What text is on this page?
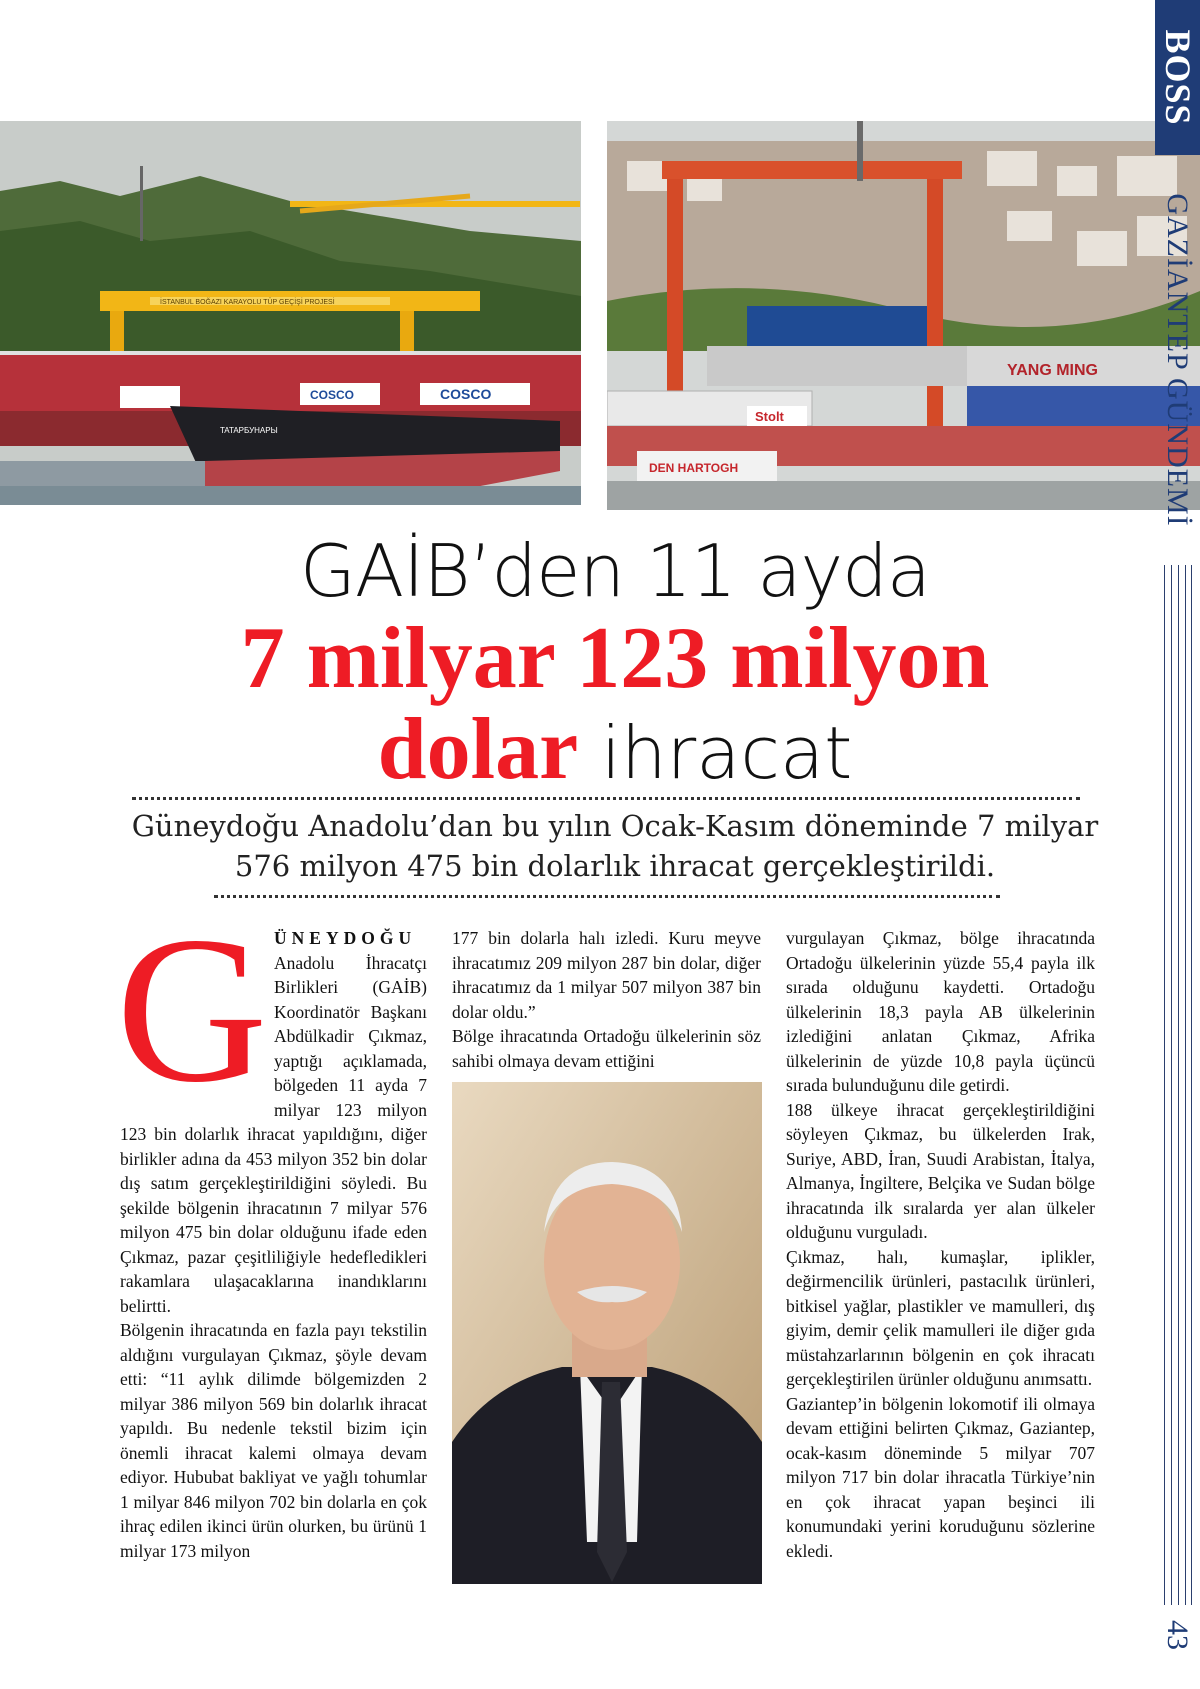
İSTANBUL BOĞAZI KARAYOLU TÜP GEÇİŞİ PROJESİ
COSCO
COSCO
TATAPБУНАРЫ
YANG MING
Stolt
DEN HARTOGH
BOSS
GAZİANTEP GÜNDEMİ
43
GAİB’den 11 ayda
7 milyar 123 milyon
dolar ihracat
Güneydoğu Anadolu’dan bu yılın Ocak-Kasım döneminde 7 milyar 576 milyon 475 bin dolarlık ihracat gerçekleştirildi.
G ÜNEYDOĞU Anadolu İhracatçı Birlikleri (GAİB) Koordinatör Başkanı Abdülkadir Çıkmaz, yaptığı açıklamada, bölgeden 11 ayda 7 milyar 123 milyon 123 bin dolarlık ihracat yapıldığını, diğer birlikler adına da 453 milyon 352 bin dolar dış satım gerçekleştirildiğini söyledi. Bu şekilde bölgenin ihracatının 7 milyar 576 milyon 475 bin dolar olduğunu ifade eden Çıkmaz, pazar çeşitliliğiyle hedefledikleri rakamlara ulaşacaklarına inandıklarını belirtti.

Bölgenin ihracatında en fazla payı tekstilin aldığını vurgulayan Çıkmaz, şöyle devam etti: “11 aylık dilimde bölgemizden 2 milyar 386 milyon 569 bin dolarlık ihracat yapıldı. Bu nedenle tekstil bizim için önemli ihracat kalemi olmaya devam ediyor. Hububat bakliyat ve yağlı tohumlar 1 milyar 846 milyon 702 bin dolarla en çok ihraç edilen ikinci ürün olurken, bu ürünü 1 milyar 173 milyon

177 bin dolarla halı izledi. Kuru meyve ihracatımız 209 milyon 287 bin dolar, diğer ihracatımız da 1 milyar 507 milyon 387 bin dolar oldu.”

Bölge ihracatında Ortadoğu ülkelerinin söz sahibi olmaya devam ettiğini

vurgulayan Çıkmaz, bölge ihracatında Ortadoğu ülkelerinin yüzde 55,4 payla ilk sırada olduğunu kaydetti. Ortadoğu ülkelerinin 18,3 payla AB ülkelerinin izlediğini anlatan Çıkmaz, Afrika ülkelerinin de yüzde 10,8 payla üçüncü sırada bulunduğunu dile getirdi.

188 ülkeye ihracat gerçekleştirildiğini söyleyen Çıkmaz, bu ülkelerden Irak, Suriye, ABD, İran, Suudi Arabistan, İtalya, Almanya, İngiltere, Belçika ve Sudan bölge ihracatında ilk sıralarda yer alan ülkeler olduğunu vurguladı.

Çıkmaz, halı, kumaşlar, iplikler, değirmencilik ürünleri, pastacılık ürünleri, bitkisel yağlar, plastikler ve mamulleri, dış giyim, demir çelik mamulleri ile diğer gıda müstahzarlarının bölgenin en çok ihracatı gerçekleştirilen ürünler olduğunu anımsattı.

Gaziantep’in bölgenin lokomotif ili olmaya devam ettiğini belirten Çıkmaz, Gaziantep, ocak-kasım döneminde 5 milyar 707 milyon 717 bin dolar ihracatla Türkiye’nin en çok ihracat yapan beşinci ili konumundaki yerini koruduğunu sözlerine ekledi.
